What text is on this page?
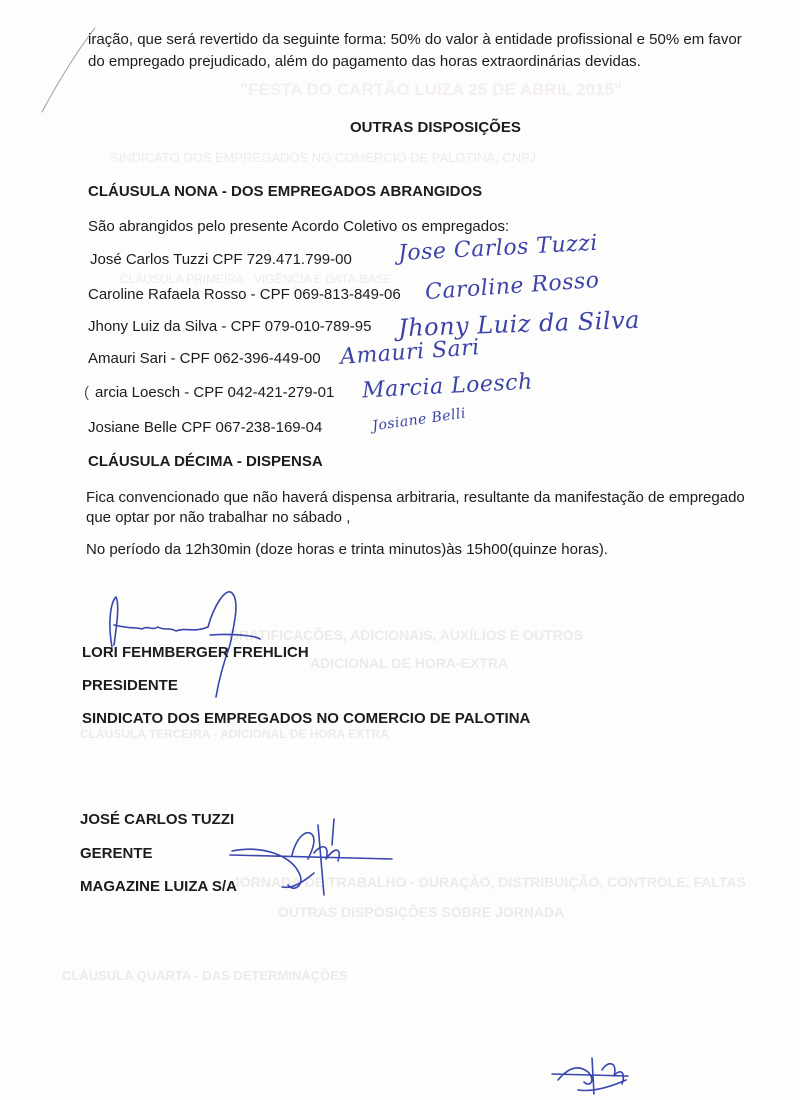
"FESTA DO CARTÃO LUIZA 25 DE ABRIL 2015"
SINDICATO DOS EMPREGADOS NO COMERCIO DE PALOTINA, CNPJ
CLÁUSULA PRIMEIRA - VIGÊNCIA E DATA-BASE
GRATIFICAÇÕES, ADICIONAIS, AUXÍLIOS E OUTROS
ADICIONAL DE HORA-EXTRA
CLÁUSULA TERCEIRA - ADICIONAL DE HORA EXTRA
JORNADA DE TRABALHO - DURAÇÃO, DISTRIBUIÇÃO, CONTROLE, FALTAS
OUTRAS DISPOSIÇÕES SOBRE JORNADA
CLÁUSULA QUARTA - DAS DETERMINAÇÕES
iração, que será revertido da seguinte forma: 50% do valor à entidade profissional e 50% em favor
do empregado prejudicado, além do pagamento das horas extraordinárias devidas.
OUTRAS DISPOSIÇÕES
CLÁUSULA NONA - DOS EMPREGADOS ABRANGIDOS
São abrangidos pelo presente Acordo Coletivo os empregados:
José Carlos Tuzzi CPF 729.471.799-00 Jose Carlos Tuzzi
Caroline Rafaela Rosso - CPF 069-813-849-06 Caroline Rosso
Jhony Luiz da Silva - CPF 079-010-789-95 Jhony Luiz da Silva
Amauri Sari - CPF 062-396-449-00 Amauri Sari
arcia Loesch - CPF 042-421-279-01
(	Marcia Loesch
Josiane Belle CPF 067-238-169-04	Josiane Belli
CLÁUSULA DÉCIMA - DISPENSA
Fica convencionado que não haverá dispensa arbitraria, resultante da manifestação de empregado
que optar por não trabalhar no sábado ,
No período da 12h30min (doze horas e trinta minutos)às 15h00(quinze horas).
LORI FEHMBERGER FREHLICH
PRESIDENTE
SINDICATO DOS EMPREGADOS NO COMERCIO DE PALOTINA
JOSÉ CARLOS TUZZI
GERENTE
MAGAZINE LUIZA S/A
